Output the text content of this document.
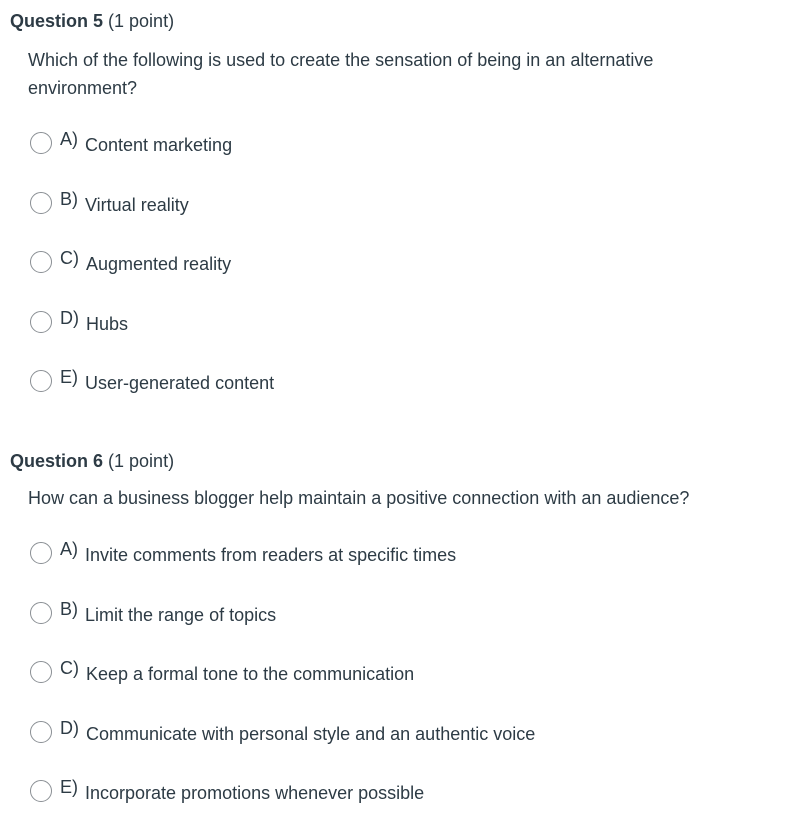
Question 5 (1 point)
Which of the following is used to create the sensation of being in an alternative environment?
A) Content marketing
B) Virtual reality
C) Augmented reality
D) Hubs
E) User-generated content
Question 6 (1 point)
How can a business blogger help maintain a positive connection with an audience?
A) Invite comments from readers at specific times
B) Limit the range of topics
C) Keep a formal tone to the communication
D) Communicate with personal style and an authentic voice
E) Incorporate promotions whenever possible
